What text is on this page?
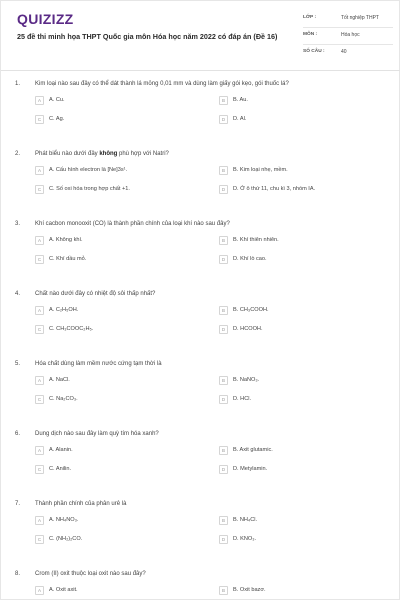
QUIZIZZ
25 đề thi minh họa THPT Quốc gia môn Hóa học năm 2022 có đáp án (Đề 16)
LỚP :	Tốt nghiệp THPT
MÔN :	Hóa học
SỐ CÂU :	40
1. Kim loại nào sau đây có thể dát thành lá mỏng 0,01 mm và dùng làm giấy gói kẹo, gói thuốc lá?
A	A. Cu.	B	B. Au.
C	C. Ag.	D	D. Al.
2. Phát biểu nào dưới đây không phù hợp với Natri?
A	A. Cấu hình electron là [Ne]3s¹.	B	B. Kim loại nhẹ, mềm.
C	C. Số oxi hóa trong hợp chất +1.	D	D. Ở ô thứ 11, chu kì 3, nhóm IA.
3. Khí cacbon monooxit (CO) là thành phần chính của loại khí nào sau đây?
A	A. Không khí.	B	B. Khí thiên nhiên.
C	C. Khí dầu mỏ.	D	D. Khí lò cao.
4. Chất nào dưới đây có nhiệt độ sôi thấp nhất?
A	A. C₂H₅OH.	B	B. CH₃COOH.
C	C. CH₃COOC₂H₅.	D	D. HCOOH.
5. Hóa chất dùng làm mềm nước cứng tạm thời là
A	A. NaCl.	B	B. NaNO₃.
C	C. Na₂CO₃.	D	D. HCl.
6. Dung dịch nào sau đây làm quỳ tím hóa xanh?
A	A. Alanin.	B	B. Axit glutamic.
C	C. Anilin.	D	D. Metylamin.
7. Thành phần chính của phân urê là
A	A. NH₄NO₃.	B	B. NH₄Cl.
C	C. (NH₂)₂CO.	D	D. KNO₃.
8. Crom (II) oxit thuộc loại oxit nào sau đây?
A	A. Oxit axit.	B	B. Oxit bazơ.
